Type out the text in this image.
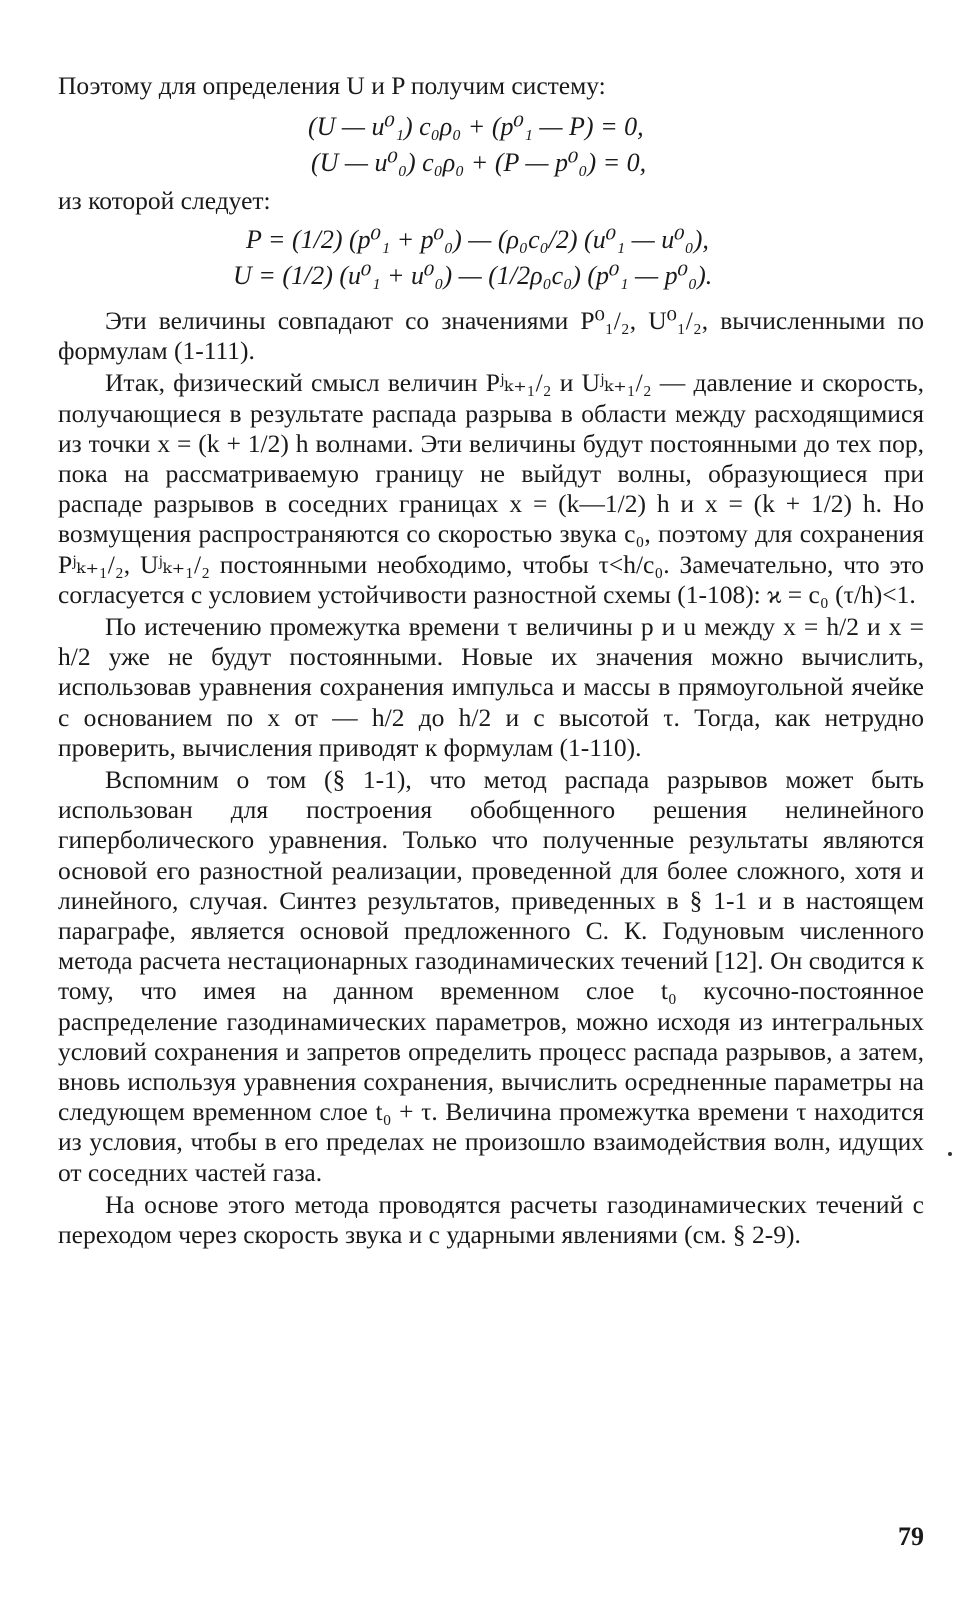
Поэтому для определения U и P получим систему:
(U — u⁰₁) c₀ρ₀ + (p⁰₁ — P) = 0,
(U — u⁰₀) c₀ρ₀ + (P — p⁰₀) = 0,
из которой следует:
P = (1/2) (p⁰₁ + p⁰₀) — (ρ₀c₀/2) (u⁰₁ — u⁰₀),
U = (1/2) (u⁰₁ + u⁰₀) — (1/2ρ₀c₀) (p⁰₁ — p⁰₀).

Эти величины совпадают со значениями P⁰₁/₂, U⁰₁/₂, вычисленными по формулам (1-111).

Итак, физический смысл величин Pʲₖ₊₁/₂ и Uʲₖ₊₁/₂ — давление и скорость, получающиеся в результате распада разрыва в области между расходящимися из точки x = (k + 1/2) h волнами. Эти величины будут постоянными до тех пор, пока на рассматриваемую границу не выйдут волны, образующиеся при распаде разрывов в соседних границах x = (k—1/2) h и x = (k + 1/2) h. Но возмущения распространяются со скоростью звука c₀, поэтому для сохранения Pʲₖ₊₁/₂, Uʲₖ₊₁/₂ постоянными необходимо, чтобы τ<h/c₀. Замечательно, что это согласуется с условием устойчивости разностной схемы (1-108): ϰ = c₀ (τ/h)<1.

По истечению промежутка времени τ величины p и u между x = h/2 и x = h/2 уже не будут постоянными. Новые их значения можно вычислить, использовав уравнения сохранения импульса и массы в прямоугольной ячейке с основанием по x от — h/2 до h/2 и с высотой τ. Тогда, как нетрудно проверить, вычисления приводят к формулам (1-110).

Вспомним о том (§ 1-1), что метод распада разрывов может быть использован для построения обобщенного решения нелинейного гиперболического уравнения. Только что полученные результаты являются основой его разностной реализации, проведенной для более сложного, хотя и линейного, случая. Синтез результатов, приведенных в § 1-1 и в настоящем параграфе, является основой предложенного С. К. Годуновым численного метода расчета нестационарных газодинамических течений [12]. Он сводится к тому, что имея на данном временном слое t₀ кусочно-постоянное распределение газодинамических параметров, можно исходя из интегральных условий сохранения и запретов определить процесс распада разрывов, а затем, вновь используя уравнения сохранения, вычислить осредненные параметры на следующем временном слое t₀ + τ. Величина промежутка времени τ находится из условия, чтобы в его пределах не произошло взаимодействия волн, идущих от соседних частей газа.

На основе этого метода проводятся расчеты газодинамических течений с переходом через скорость звука и с ударными явлениями (см. § 2-9).

79
